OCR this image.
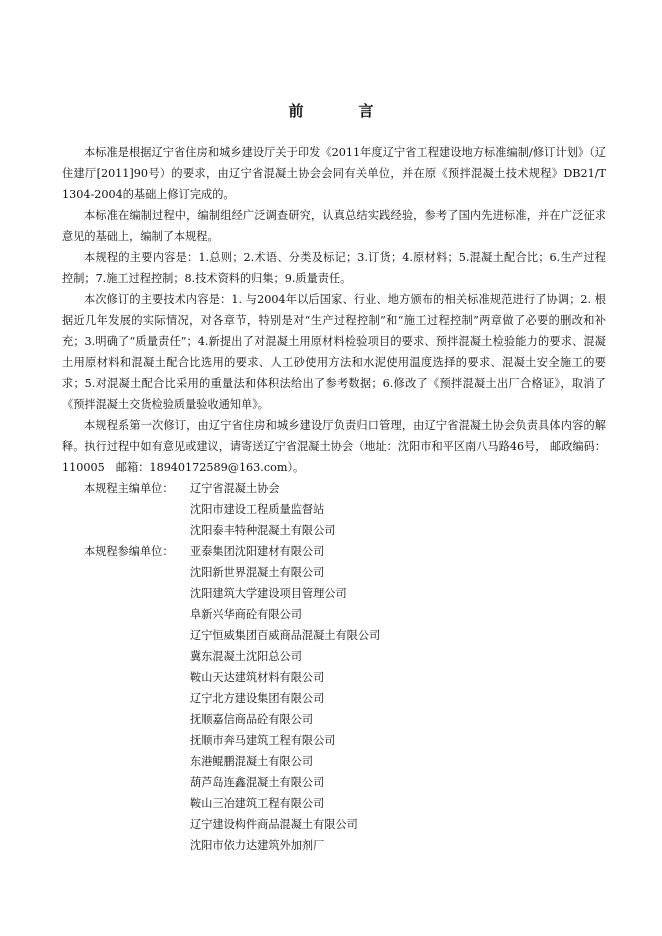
前　言

本标准是根据辽宁省住房和城乡建设厅关于印发《2011年度辽宁省工程建设地方标准编制/修订计划》（辽住建厅[2011]90号）的要求，由辽宁省混凝土协会会同有关单位，并在原《预拌混凝土技术规程》DB21/T 1304-2004的基础上修订完成的。

本标准在编制过程中，编制组经广泛调查研究，认真总结实践经验，参考了国内先进标准，并在广泛征求意见的基础上，编制了本规程。

本规程的主要内容是：1.总则；2.术语、分类及标记；3.订货；4.原材料；5.混凝土配合比；6.生产过程控制；7.施工过程控制；8.技术资料的归集；9.质量责任。

本次修订的主要技术内容是：1. 与2004年以后国家、行业、地方颁布的相关标准规范进行了协调；2. 根据近几年发展的实际情况，对各章节，特别是对“生产过程控制”和“施工过程控制”两章做了必要的删改和补充；3.明确了“质量责任”；4.新提出了对混凝土用原材料检验项目的要求、预拌混凝土检验能力的要求、混凝土用原材料和混凝土配合比选用的要求、人工砂使用方法和水泥使用温度选择的要求、混凝土安全施工的要求；5.对混凝土配合比采用的重量法和体积法给出了参考数据；6.修改了《预拌混凝土出厂合格证》，取消了《预拌混凝土交货检验质量验收通知单》。

本规程系第一次修订，由辽宁省住房和城乡建设厅负责归口管理，由辽宁省混凝土协会负责具体内容的解释。执行过程中如有意见或建议，请寄送辽宁省混凝土协会（地址：沈阳市和平区南八马路46号， 邮政编码：110005　邮箱：18940172589@163.com）。

本规程主编单位：	辽宁省混凝土协会
沈阳市建设工程质量监督站
沈阳泰丰特种混凝土有限公司
本规程参编单位：	亚泰集团沈阳建材有限公司
沈阳新世界混凝土有限公司
沈阳建筑大学建设项目管理公司
阜新兴华商砼有限公司
辽宁恒威集团百威商品混凝土有限公司
冀东混凝土沈阳总公司
鞍山天达建筑材料有限公司
辽宁北方建设集团有限公司
抚顺嘉信商品砼有限公司
抚顺市奔马建筑工程有限公司
东港鲲鹏混凝土有限公司
葫芦岛连鑫混凝土有限公司
鞍山三冶建筑工程有限公司
辽宁建设构件商品混凝土有限公司
沈阳市依力达建筑外加剂厂
